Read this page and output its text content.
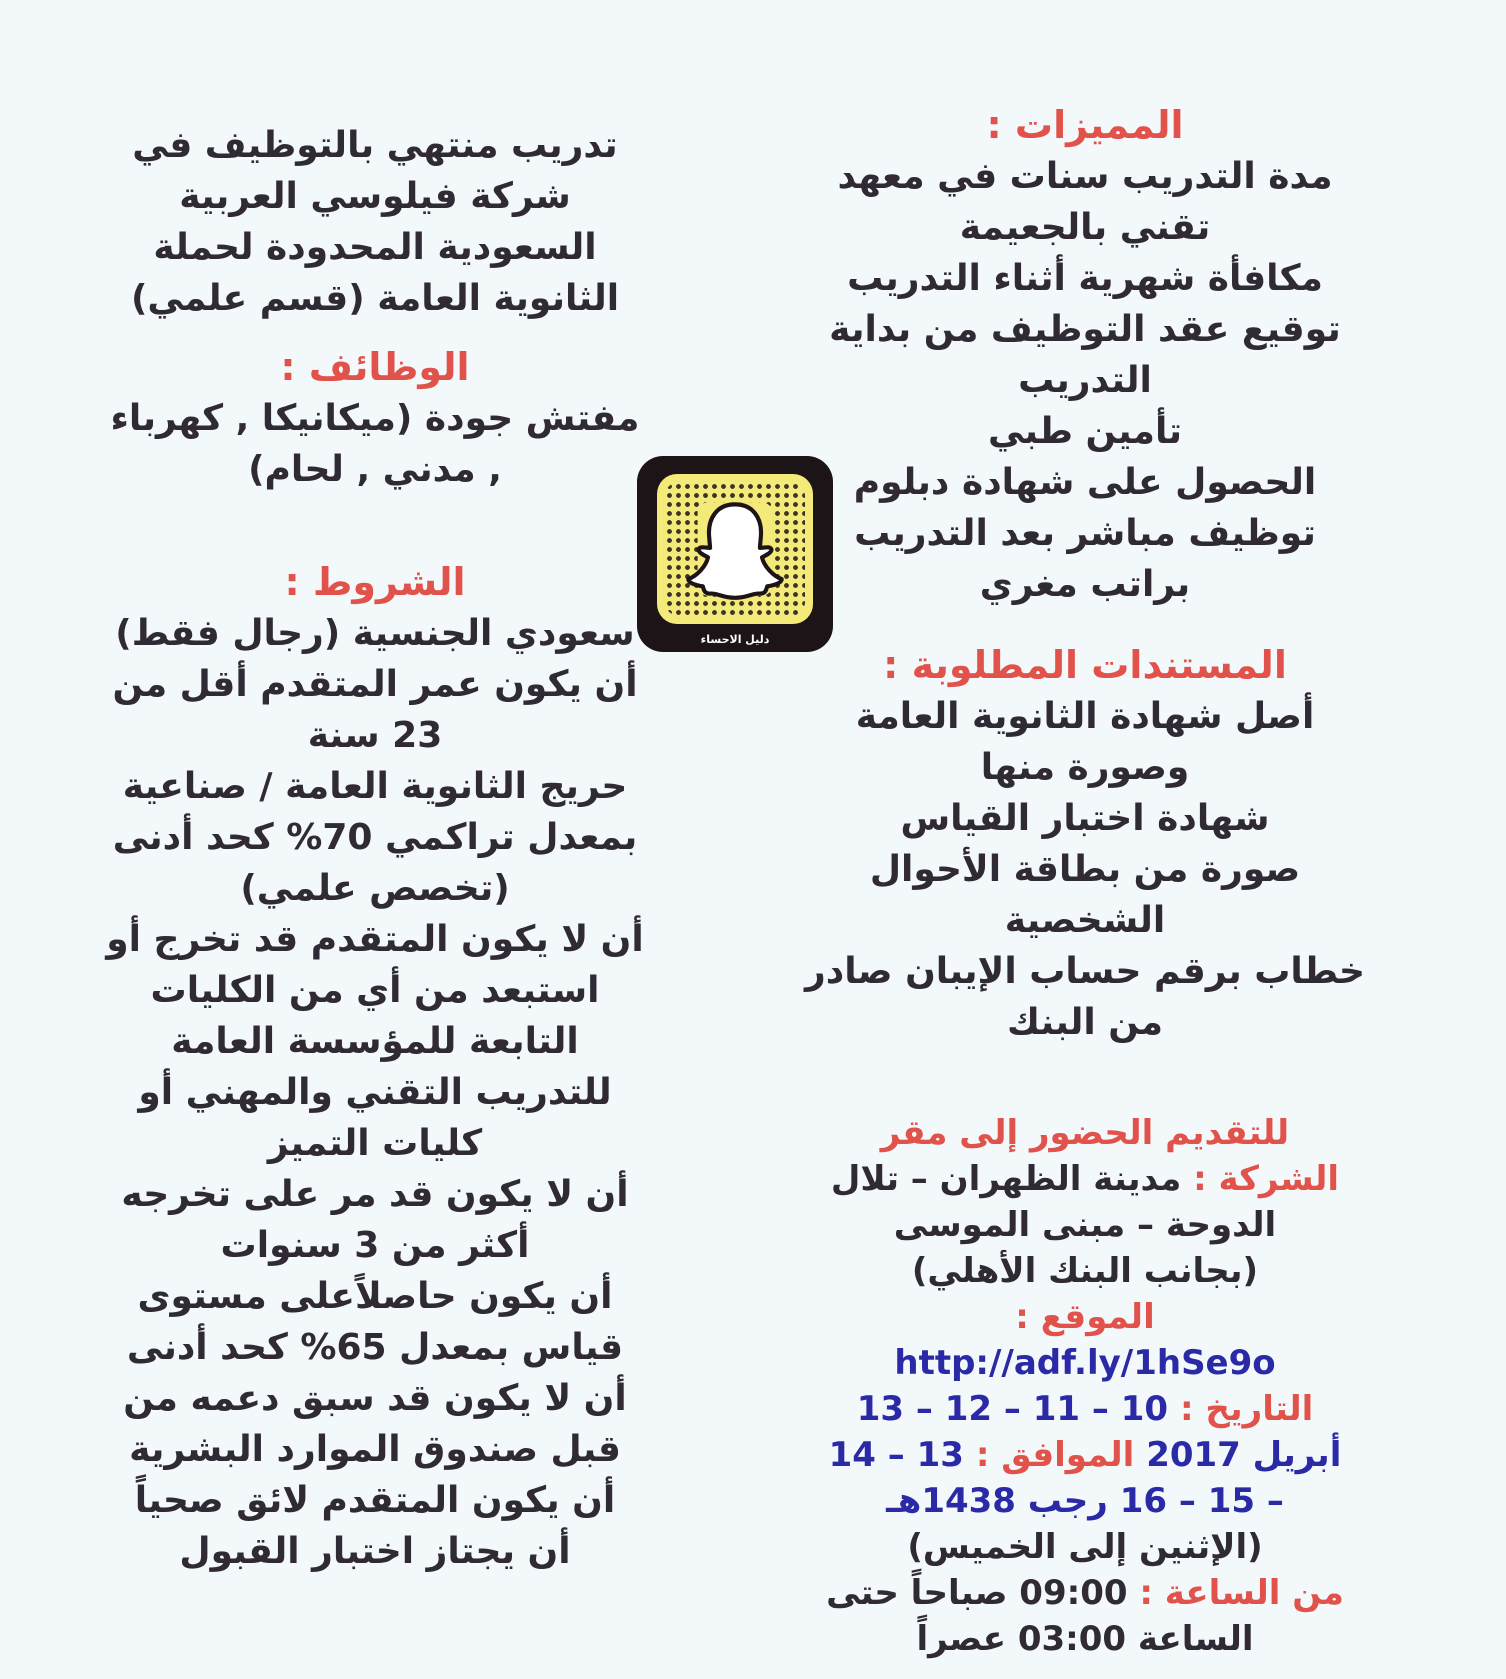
المميزات :
مدة التدريب سنات في معهد
تقني بالجعيمة
مكافأة شهرية أثناء التدريب
توقيع عقد التوظيف من بداية
التدريب
تأمين طبي
الحصول على شهادة دبلوم
توظيف مباشر بعد التدريب
براتب مغري
المستندات المطلوبة :
أصل شهادة الثانوية العامة
وصورة منها
شهادة اختبار القياس
صورة من بطاقة الأحوال
الشخصية
خطاب برقم حساب الإيبان صادر
من البنك
للتقديم الحضور إلى مقر
الشركة : مدينة الظهران – تلال
الدوحة – مبنى الموسى
(بجانب البنك الأهلي)
الموقع :
http://adf.ly/1hSe9o
التاريخ : 10 – 11 – 12 – 13
أبريل 2017 الموافق : 13 – 14
– 15 – 16 رجب 1438هـ
(الإثنين إلى الخميس)
من الساعة : 09:00 صباحاً حتى
الساعة 03:00 عصراً
تدريب منتهي بالتوظيف في
شركة فيلوسي العربية
السعودية المحدودة لحملة
الثانوية العامة (قسم علمي)
الوظائف :
مفتش جودة (ميكانيكا , كهرباء
, مدني , لحام)
الشروط :
سعودي الجنسية (رجال فقط)
أن يكون عمر المتقدم أقل من
23 سنة
حريج الثانوية العامة / صناعية
بمعدل تراكمي 70% كحد أدنى
(تخصص علمي)
أن لا يكون المتقدم قد تخرج أو
استبعد من أي من الكليات
التابعة للمؤسسة العامة
للتدريب التقني والمهني أو
كليات التميز
أن لا يكون قد مر على تخرجه
أكثر من 3 سنوات
أن يكون حاصلاًعلى مستوى
قياس بمعدل 65% كحد أدنى
أن لا يكون قد سبق دعمه من
قبل صندوق الموارد البشرية
أن يكون المتقدم لائق صحياً
أن يجتاز اختبار القبول
دليل الاحساء
